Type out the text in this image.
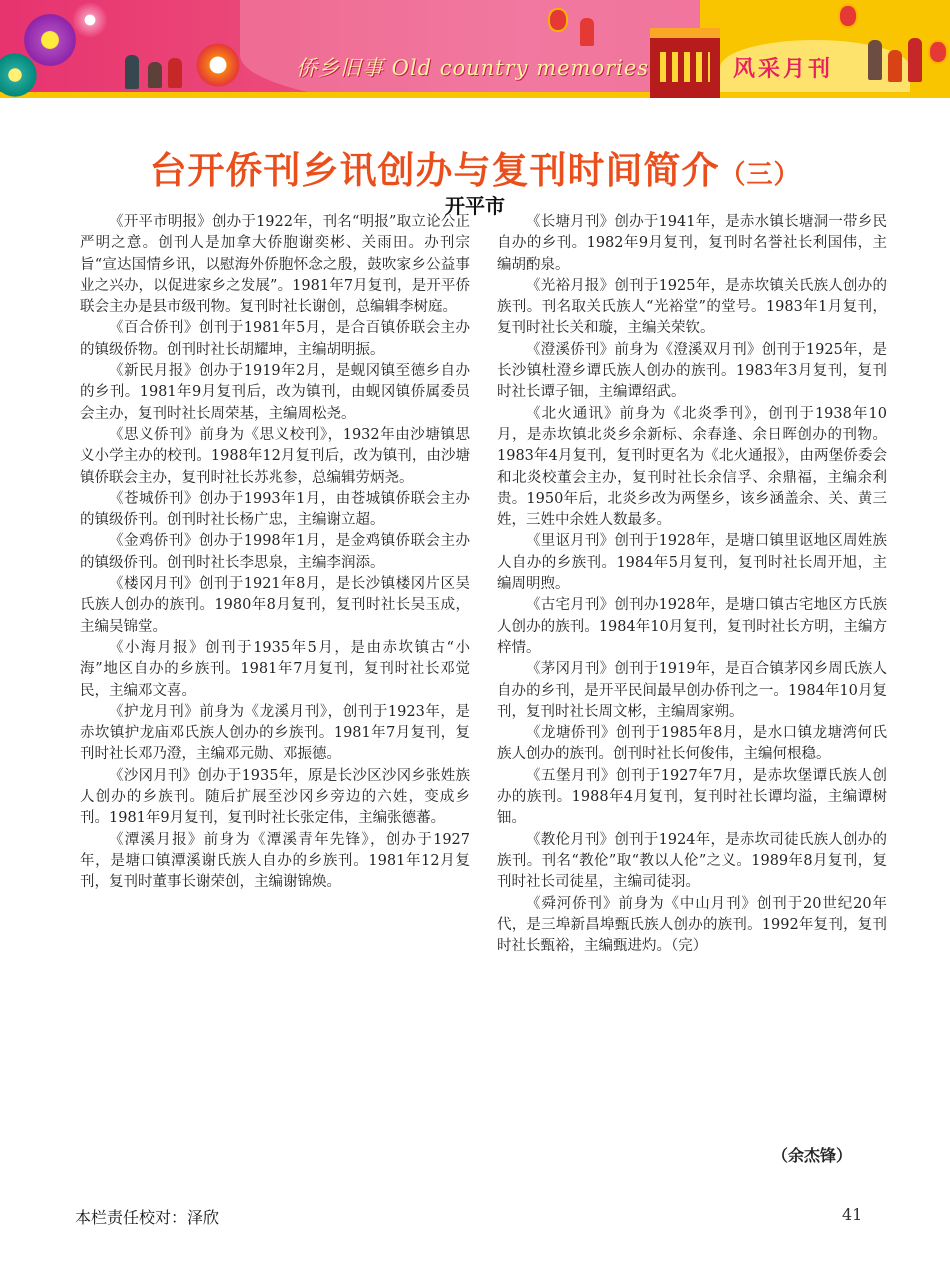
侨乡旧事 Old country memories	风采月刊
台开侨刊乡讯创办与复刊时间简介（三）
开平市

《开平市明报》创办于1922年，刊名“明报”取立论公正严明之意。创刊人是加拿大侨胞谢奕彬、关雨田。办刊宗旨“宣达国情乡讯，以慰海外侨胞怀念之殷，鼓吹家乡公益事业之兴办，以促进家乡之发展”。1981年7月复刊，是开平侨联会主办是县市级刊物。复刊时社长谢创，总编辑李树庭。

《百合侨刊》创刊于1981年5月，是合百镇侨联会主办的镇级侨物。创刊时社长胡耀坤，主编胡明振。

《新民月报》创办于1919年2月，是蚬冈镇至德乡自办的乡刊。1981年9月复刊后，改为镇刊，由蚬冈镇侨属委员会主办，复刊时社长周荣基，主编周松尧。

《思义侨刊》前身为《思义校刊》，1932年由沙塘镇思义小学主办的校刊。1988年12月复刊后，改为镇刊，由沙塘镇侨联会主办，复刊时社长苏兆参，总编辑劳炳尧。

《苍城侨刊》创办于1993年1月，由苍城镇侨联会主办的镇级侨刊。创刊时社长杨广忠，主编谢立超。

《金鸡侨刊》创办于1998年1月，是金鸡镇侨联会主办的镇级侨刊。创刊时社长李思泉，主编李润添。

《楼冈月刊》创刊于1921年8月，是长沙镇楼冈片区吴氏族人创办的族刊。1980年8月复刊，复刊时社长吴玉成，主编吴锦堂。

《小海月报》创刊于1935年5月，是由赤坎镇古“小海”地区自办的乡族刊。1981年7月复刊，复刊时社长邓觉民，主编邓文喜。

《护龙月刊》前身为《龙溪月刊》，创刊于1923年，是赤坎镇护龙庙邓氏族人创办的乡族刊。1981年7月复刊，复刊时社长邓乃澄，主编邓元勋、邓振德。

《沙冈月刊》创办于1935年，原是长沙区沙冈乡张姓族人创办的乡族刊。随后扩展至沙冈乡旁边的六姓，变成乡刊。1981年9月复刊，复刊时社长张定伟，主编张德蕃。

《潭溪月报》前身为《潭溪青年先锋》，创办于1927年，是塘口镇潭溪谢氏族人自办的乡族刊。1981年12月复刊，复刊时董事长谢荣创，主编谢锦焕。

《长塘月刊》创办于1941年，是赤水镇长塘洞一带乡民自办的乡刊。1982年9月复刊，复刊时名誉社长利国伟，主编胡酌泉。

《光裕月报》创刊于1925年，是赤坎镇关氏族人创办的族刊。刊名取关氏族人“光裕堂”的堂号。1983年1月复刊，复刊时社长关和璇，主编关荣钦。

《澄溪侨刊》前身为《澄溪双月刊》创刊于1925年，是长沙镇杜澄乡谭氏族人创办的族刊。1983年3月复刊，复刊时社长谭子钿，主编谭绍武。

《北火通讯》前身为《北炎季刊》，创刊于1938年10月，是赤坎镇北炎乡余新标、余春逢、余日晖创办的刊物。1983年4月复刊，复刊时更名为《北火通报》，由两堡侨委会和北炎校董会主办，复刊时社长余信孚、余鼎福，主编余利贵。1950年后，北炎乡改为两堡乡，该乡涵盖余、关、黄三姓，三姓中余姓人数最多。

《里讴月刊》创刊于1928年，是塘口镇里讴地区周姓族人自办的乡族刊。1984年5月复刊，复刊时社长周开旭，主编周明煦。

《古宅月刊》创刊办1928年，是塘口镇古宅地区方氏族人创办的族刊。1984年10月复刊，复刊时社长方明，主编方梓情。

《茅冈月刊》创刊于1919年，是百合镇茅冈乡周氏族人自办的乡刊，是开平民间最早创办侨刊之一。1984年10月复刊，复刊时社长周文彬，主编周家朔。

《龙塘侨刊》创刊于1985年8月，是水口镇龙塘湾何氏族人创办的族刊。创刊时社长何俊伟，主编何根稳。

《五堡月刊》创刊于1927年7月，是赤坎堡谭氏族人创办的族刊。1988年4月复刊，复刊时社长谭均溢，主编谭树钿。

《教伦月刊》创刊于1924年，是赤坎司徒氏族人创办的族刊。刊名“教伦”取“教以人伦”之义。1989年8月复刊，复刊时社长司徒星，主编司徒羽。

《舜河侨刊》前身为《中山月刊》创刊于20世纪20年代，是三埠新昌埠甄氏族人创办的族刊。1992年复刊，复刊时社长甄裕，主编甄进灼。（完）

（余杰锋）
本栏责任校对：泽欣	41
